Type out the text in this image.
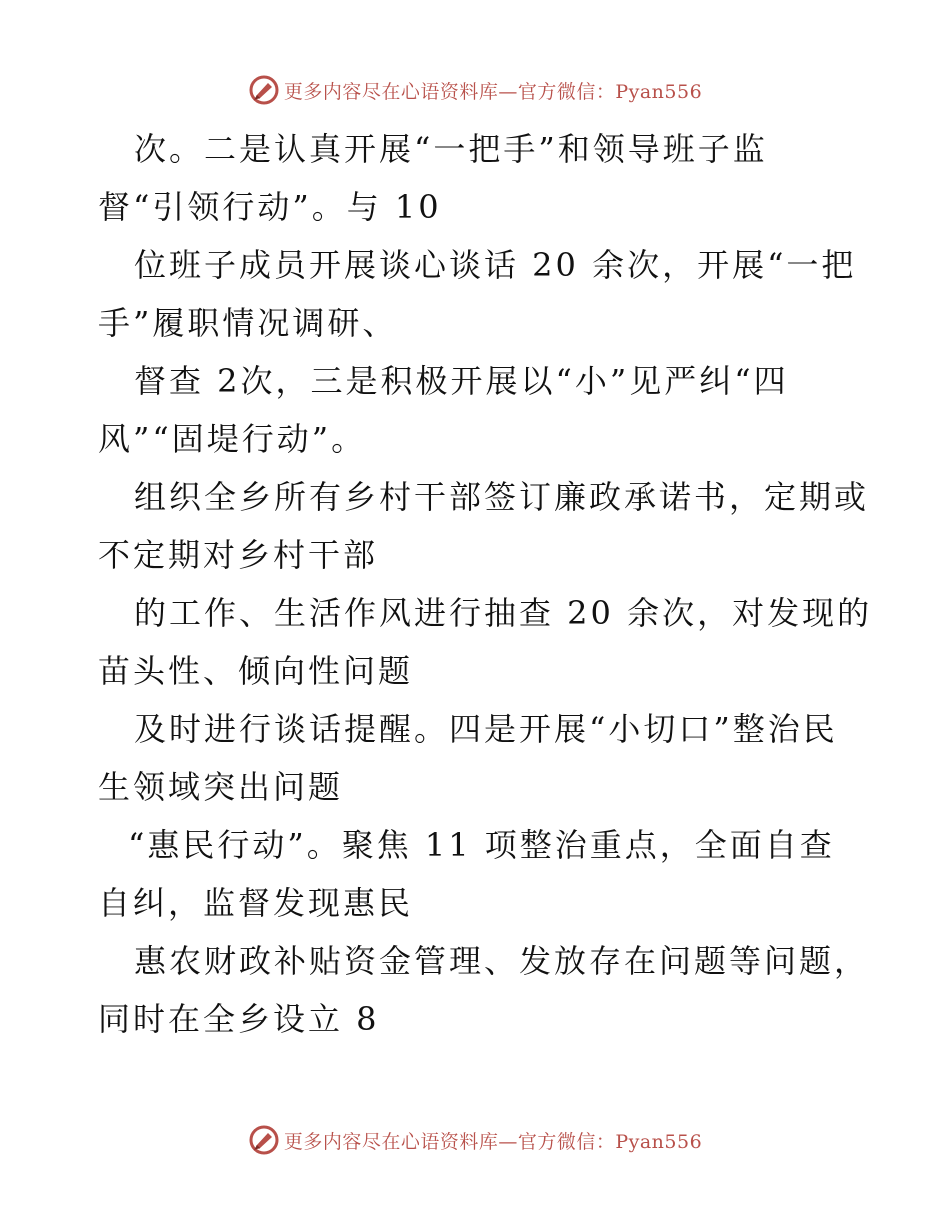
更多内容尽在心语资料库—官方微信：Pyan556
次。二是认真开展“一把手”和领导班子监
督“引领行动”。与 10
位班子成员开展谈心谈话 20 余次，开展“一把
手”履职情况调研、
督查 2次，三是积极开展以“小”见严纠“四
风”“固堤行动”。
组织全乡所有乡村干部签订廉政承诺书，定期或
不定期对乡村干部
的工作、生活作风进行抽查 20 余次，对发现的
苗头性、倾向性问题
及时进行谈话提醒。四是开展“小切口”整治民
生领域突出问题
“惠民行动”。聚焦 11 项整治重点，全面自查
自纠，监督发现惠民
惠农财政补贴资金管理、发放存在问题等问题，
同时在全乡设立 8
更多内容尽在心语资料库—官方微信：Pyan556
